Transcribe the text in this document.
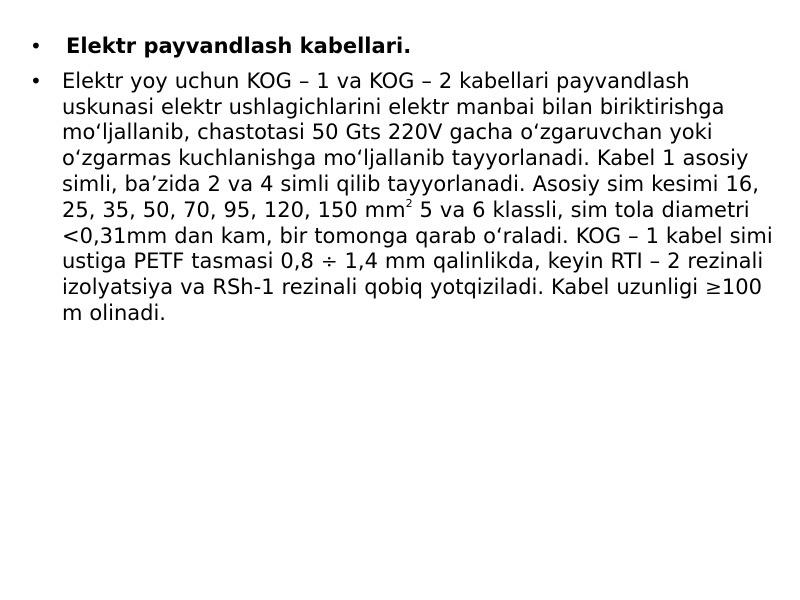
• Elektr payvandlash kabellari.
• Elektr yoy uchun KOG – 1 va KOG – 2 kabellari payvandlash uskunasi elektr ushlagichlarini elektr manbai bilan biriktirishga mo‘ljallanib, chastotasi 50 Gts 220V gacha o‘zgaruvchan yoki o‘zgarmas kuchlanishga mo‘ljallanib tayyorlanadi. Kabel 1 asosiy simli, ba’zida 2 va 4 simli qilib tayyorlanadi. Asosiy sim kesimi 16, 25, 35, 50, 70, 95, 120, 150 $mm^2$ 5 va 6 klassli, sim tola diametri <0,31mm dan kam, bir tomonga qarab o‘raladi. KOG – 1 kabel simi ustiga PETF tasmasi 0,8 ÷ 1,4 mm qalinlikda, keyin RTI – 2 rezinali izolyatsiya va RSh-1 rezinali qobiq yotqiziladi. Kabel uzunligi ≥100 m olinadi.
